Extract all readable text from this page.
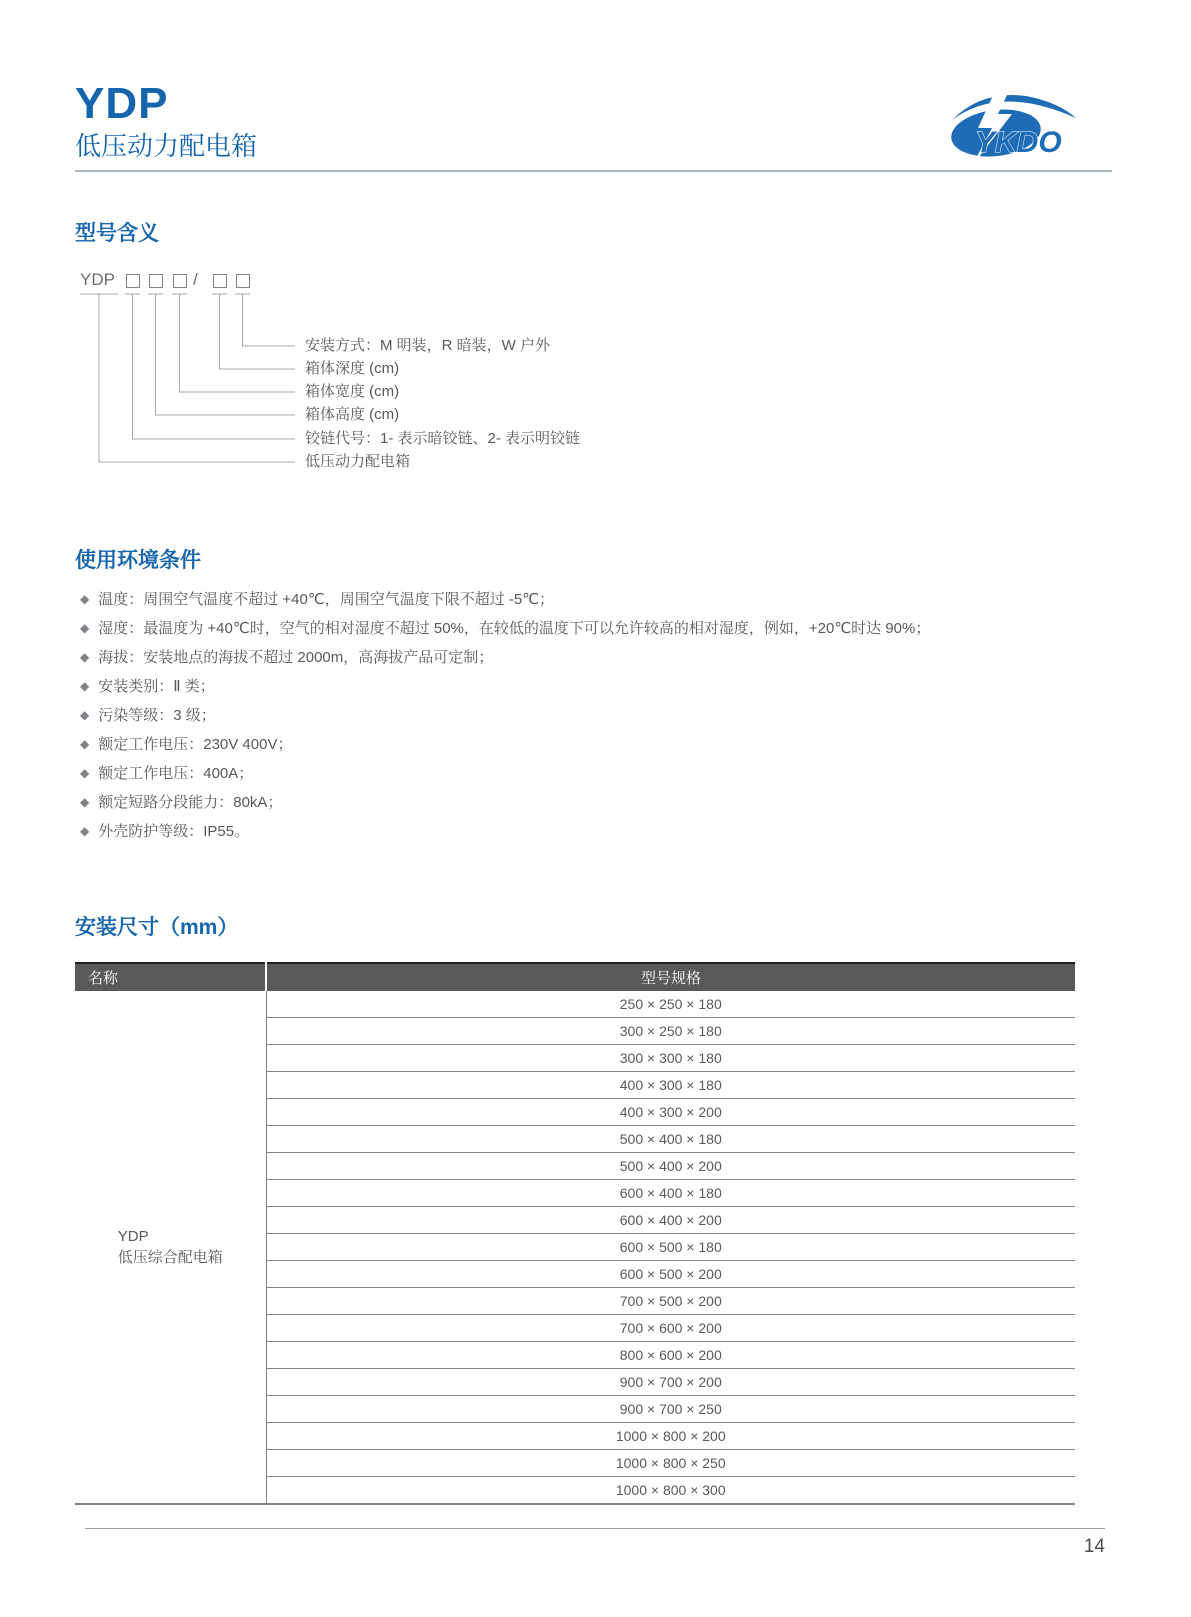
YDP
低压动力配电箱	YKDO
型号含义
YDP	/
安装方式：M 明装，R 暗装，W 户外
箱体深度 (cm)
箱体宽度 (cm)
箱体高度 (cm)
铰链代号：1- 表示暗铰链、2- 表示明铰链
低压动力配电箱
使用环境条件
◆ 温度：周围空气温度不超过 +40℃，周围空气温度下限不超过 -5℃；
◆ 湿度：最温度为 +40℃时，空气的相对湿度不超过 50%，在较低的温度下可以允许较高的相对湿度，例如，+20℃时达 90%；
◆ 海拔：安装地点的海拔不超过 2000m，高海拔产品可定制；
◆ 安装类别：Ⅱ 类；
◆ 污染等级：3 级；
◆ 额定工作电压：230V 400V；
◆ 额定工作电压：400A；
◆ 额定短路分段能力：80kA；
◆ 外壳防护等级：IP55。
安装尺寸（mm）
名称	型号规格

YDP
低压综合配电箱	250 × 250 × 180
	300 × 250 × 180
	300 × 300 × 180
	400 × 300 × 180
	400 × 300 × 200
	500 × 400 × 180
	500 × 400 × 200
	600 × 400 × 180
	600 × 400 × 200
	600 × 500 × 180
	600 × 500 × 200
	700 × 500 × 200
	700 × 600 × 200
	800 × 600 × 200
	900 × 700 × 200
	900 × 700 × 250
	1000 × 800 × 200
	1000 × 800 × 250
	1000 × 800 × 300
14
